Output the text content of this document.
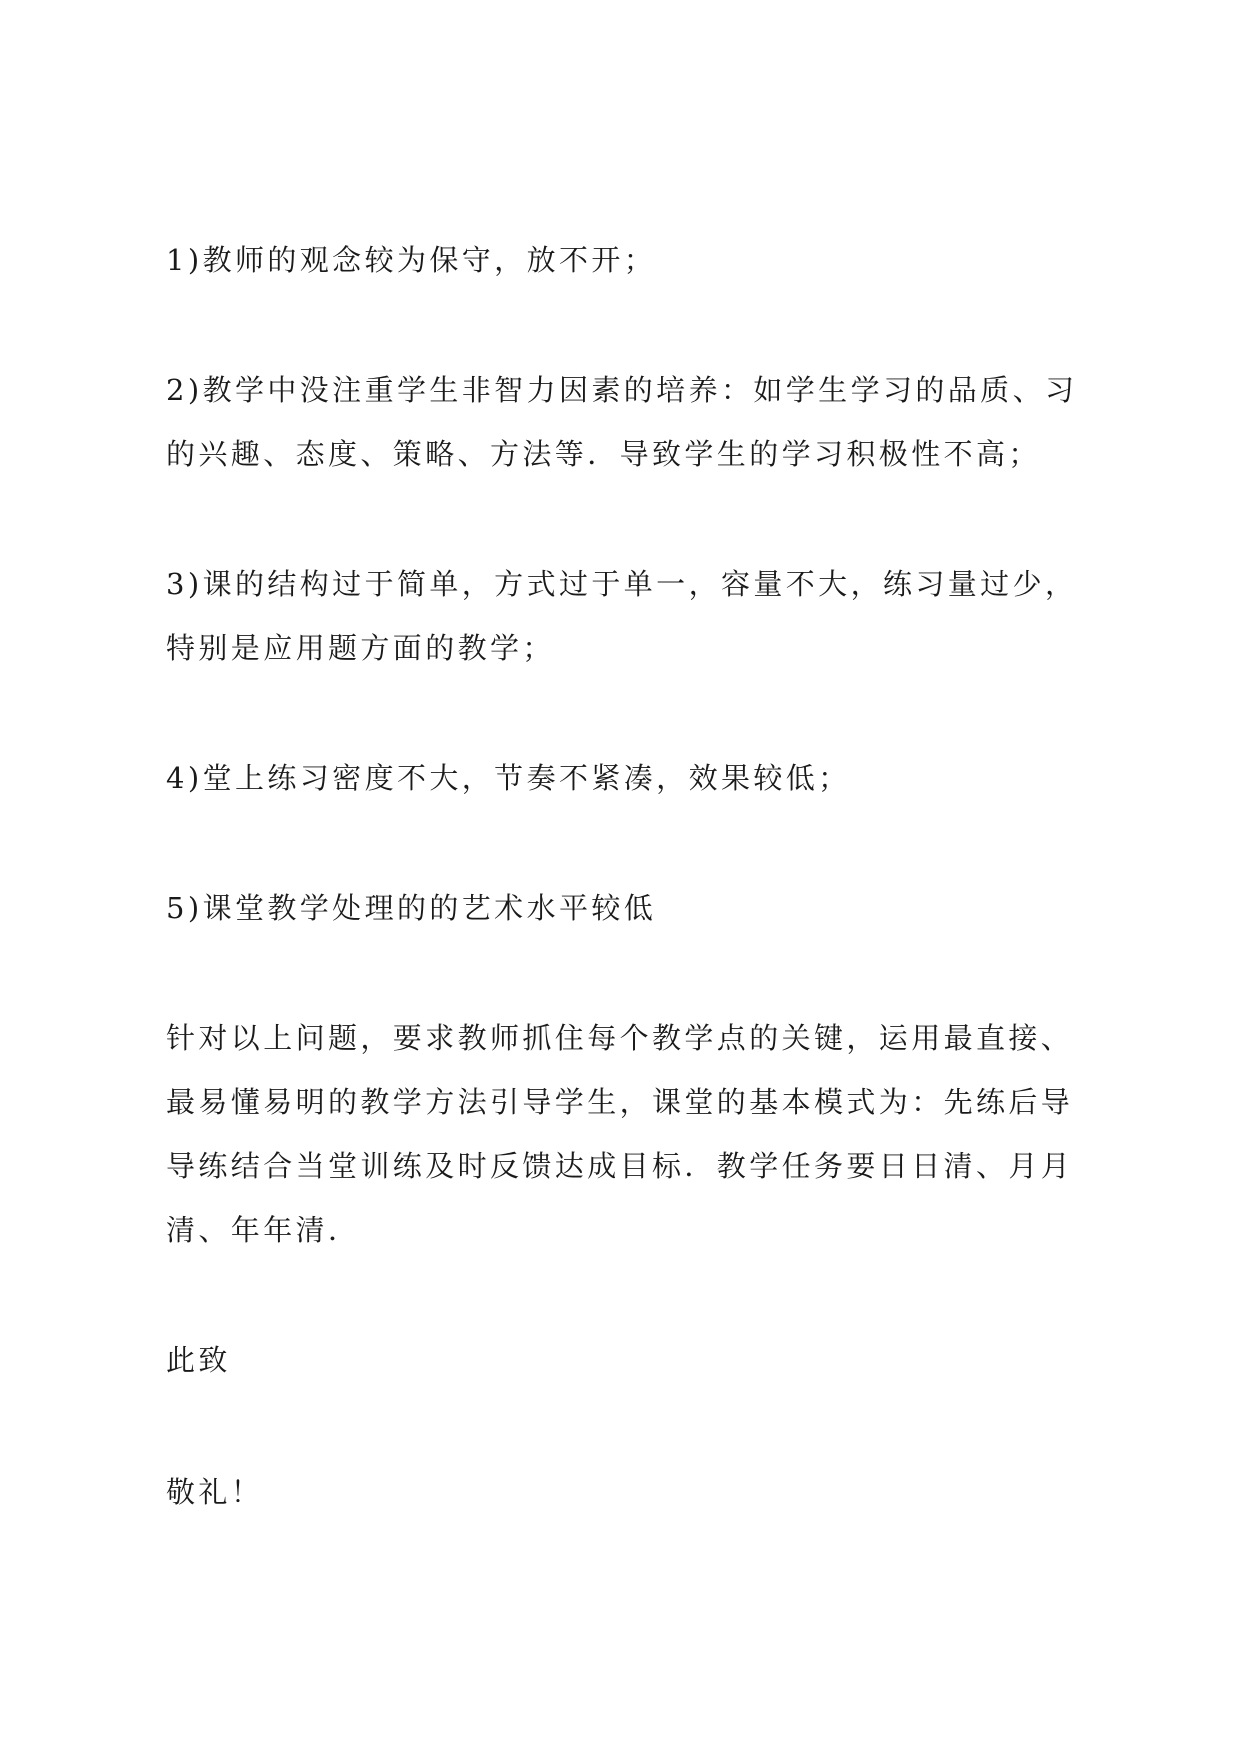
1)教师的观念较为保守，放不开；

2)教学中没注重学生非智力因素的培养：如学生学习的品质、习的兴趣、态度、策略、方法等．导致学生的学习积极性不高；

3)课的结构过于简单，方式过于单一，容量不大，练习量过少，特别是应用题方面的教学；

4)堂上练习密度不大，节奏不紧凑，效果较低；

5)课堂教学处理的的艺术水平较低

针对以上问题，要求教师抓住每个教学点的关键，运用最直接、最易懂易明的教学方法引导学生，课堂的基本模式为：先练后导导练结合当堂训练及时反馈达成目标．教学任务要日日清、月月清、年年清．

此致

敬礼！
